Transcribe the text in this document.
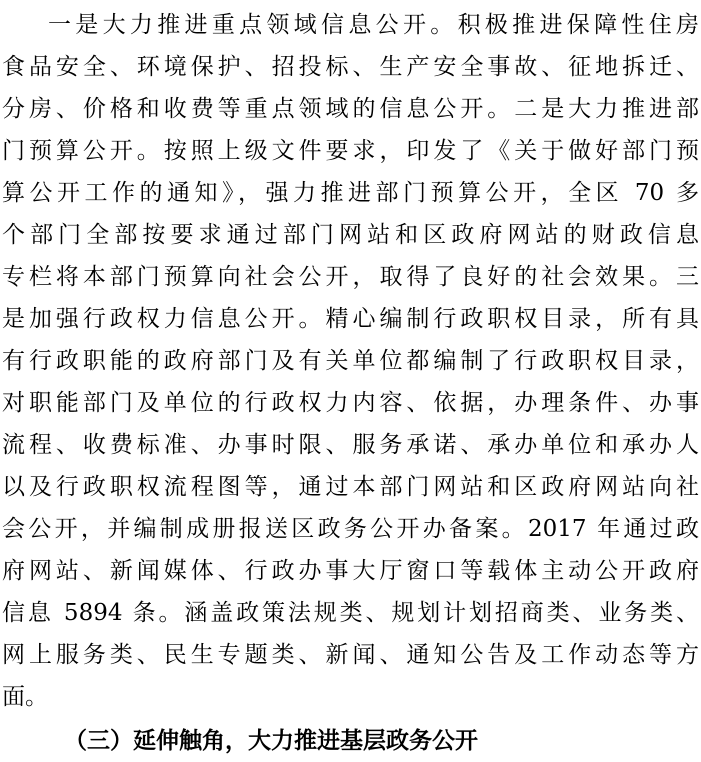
一是大力推进重点领域信息公开。积极推进保障性住房
食品安全、环境保护、招投标、生产安全事故、征地拆迁、
分房、价格和收费等重点领域的信息公开。二是大力推进部
门预算公开。按照上级文件要求，印发了《关于做好部门预
算公开工作的通知》，强力推进部门预算公开，全区 70 多
个部门全部按要求通过部门网站和区政府网站的财政信息
专栏将本部门预算向社会公开，取得了良好的社会效果。三
是加强行政权力信息公开。精心编制行政职权目录，所有具
有行政职能的政府部门及有关单位都编制了行政职权目录，
对职能部门及单位的行政权力内容、依据，办理条件、办事
流程、收费标准、办事时限、服务承诺、承办单位和承办人
以及行政职权流程图等，通过本部门网站和区政府网站向社
会公开，并编制成册报送区政务公开办备案。2017 年通过政
府网站、新闻媒体、行政办事大厅窗口等载体主动公开政府
信息 5894 条。涵盖政策法规类、规划计划招商类、业务类、
网上服务类、民生专题类、新闻、通知公告及工作动态等方
面。
（三）延伸触角，大力推进基层政务公开
